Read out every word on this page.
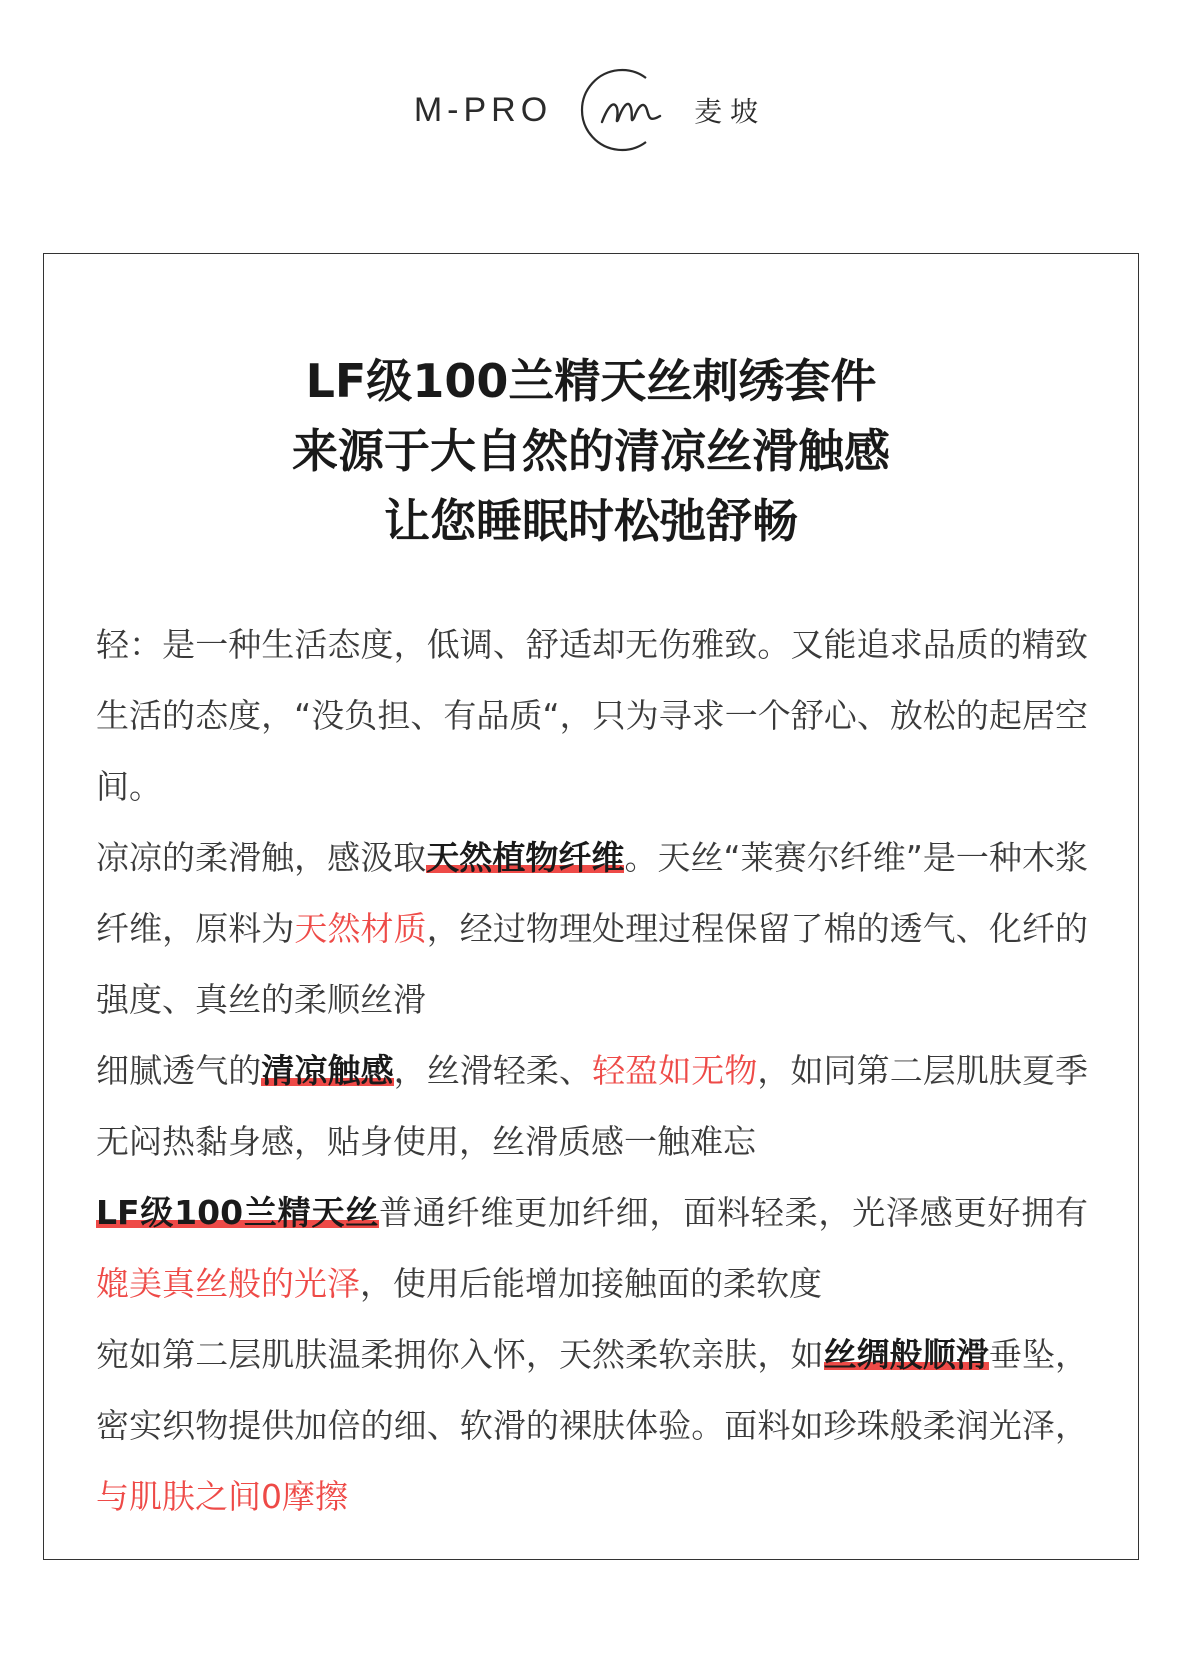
M-PRO	麦坡
LF级100兰精天丝刺绣套件
来源于大自然的清凉丝滑触感
让您睡眠时松弛舒畅

轻：是一种生活态度，低调、舒适却无伤雅致。又能追求品质的精致生活的态度，“没负担、有品质“，只为寻求一个舒心、放松的起居空间。

凉凉的柔滑触，感汲取天然植物纤维。天丝“莱赛尔纤维”是一种木浆纤维，原料为天然材质，经过物理处理过程保留了棉的透气、化纤的强度、真丝的柔顺丝滑

细腻透气的清凉触感，丝滑轻柔、轻盈如无物，如同第二层肌肤夏季无闷热黏身感，贴身使用，丝滑质感一触难忘

LF级100兰精天丝普通纤维更加纤细，面料轻柔，光泽感更好拥有媲美真丝般的光泽，使用后能增加接触面的柔软度

宛如第二层肌肤温柔拥你入怀，天然柔软亲肤，如丝绸般顺滑垂坠，密实织物提供加倍的细、软滑的裸肤体验。面料如珍珠般柔润光泽，与肌肤之间0摩擦
